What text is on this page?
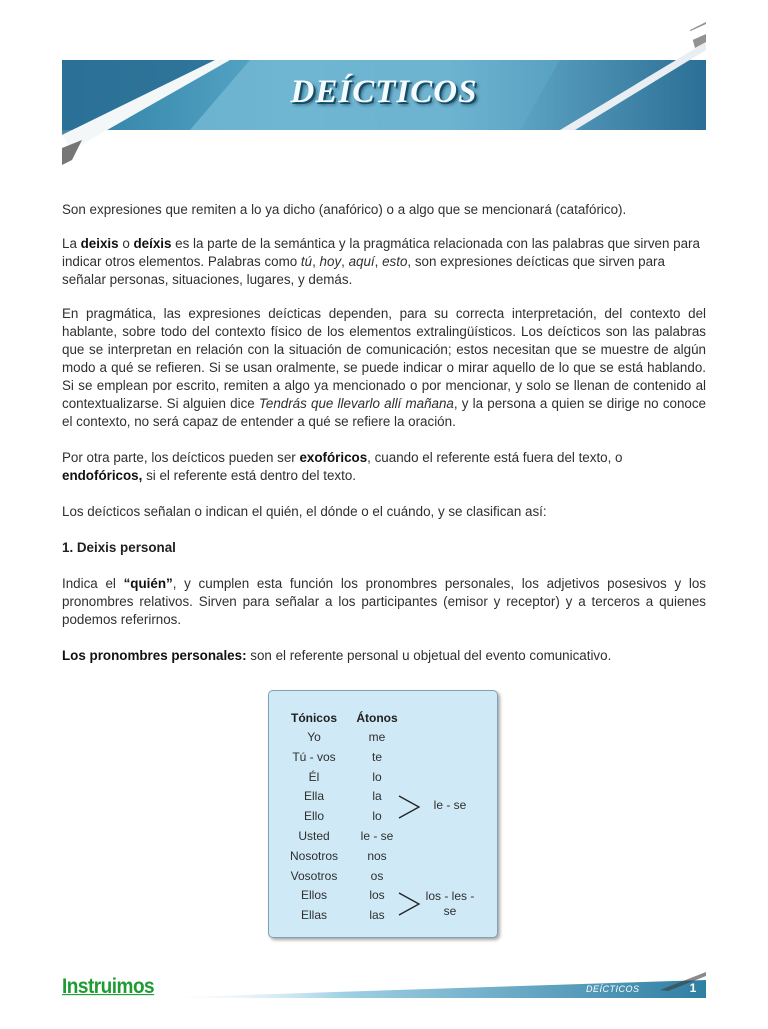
DEÍCTICOS

Son expresiones que remiten a lo ya dicho (anafórico) o a algo que se mencionará (catafórico).

La deixis o deíxis es la parte de la semántica y la pragmática relacionada con las palabras que sirven para indicar otros elementos. Palabras como tú, hoy, aquí, esto, son expresiones deícticas que sirven para señalar personas, situaciones, lugares, y demás.

En pragmática, las expresiones deícticas dependen, para su correcta interpretación, del contexto del hablante, sobre todo del contexto físico de los elementos extralingüísticos. Los deícticos son las palabras que se interpretan en relación con la situación de comunicación; estos necesitan que se muestre de algún modo a qué se refieren. Si se usan oralmente, se puede indicar o mirar aquello de lo que se está hablando. Si se emplean por escrito, remiten a algo ya mencionado o por mencionar, y solo se llenan de contenido al contextualizarse. Si alguien dice Tendrás que llevarlo allí mañana, y la persona a quien se dirige no conoce el contexto, no será capaz de entender a qué se refiere la oración.

Por otra parte, los deícticos pueden ser exofóricos, cuando el referente está fuera del texto, o endofóricos, si el referente está dentro del texto.

Los deícticos señalan o indican el quién, el dónde o el cuándo, y se clasifican así:

1. Deixis personal

Indica el “quién”, y cumplen esta función los pronombres personales, los adjetivos posesivos y los pronombres relativos. Sirven para señalar a los participantes (emisor y receptor) y a terceros a quienes podemos referirnos.

Los pronombres personales: son el referente personal u objetual del evento comunicativo.

Tónicos
Yo
Tú - vos
Él
Ella
Ello
Usted
Nosotros
Vosotros
Ellos
Ellas
Átonos
me
te
lo
la
lo
le - se
nos
os
los
las
le - se
los - les -
se
Instruimos	DEÍCTICOS	1
